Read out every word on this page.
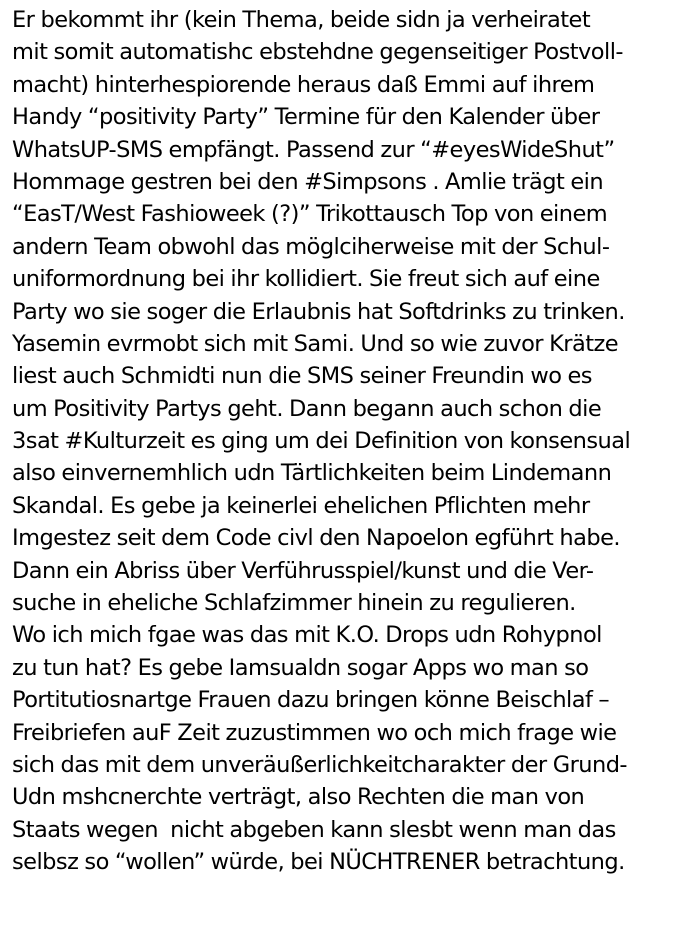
Er bekommt ihr (kein Thema, beide sidn ja verheiratet
mit somit automatishc ebstehdne gegenseitiger Postvoll-
macht) hinterhespiorende heraus daß Emmi auf ihrem
Handy “positivity Party” Termine für den Kalender über
WhatsUP-SMS empfängt. Passend zur “#eyesWideShut”
Hommage gestren bei den #Simpsons . Amlie trägt ein
“EasT/West Fashioweek (?)” Trikottausch Top von einem
andern Team obwohl das möglciherweise mit der Schul-
uniformordnung bei ihr kollidiert. Sie freut sich auf eine
Party wo sie soger die Erlaubnis hat Softdrinks zu trinken.
Yasemin evrmobt sich mit Sami. Und so wie zuvor Krätze
liest auch Schmidti nun die SMS seiner Freundin wo es
um Positivity Partys geht. Dann begann auch schon die
3sat #Kulturzeit es ging um dei Definition von konsensual
also einvernemhlich udn Tärtlichkeiten beim Lindemann
Skandal. Es gebe ja keinerlei ehelichen Pflichten mehr
Imgestez seit dem Code civl den Napoelon egführt habe.
Dann ein Abriss über Verführusspiel/kunst und die Ver-
suche in eheliche Schlafzimmer hinein zu regulieren.
Wo ich mich fgae was das mit K.O. Drops udn Rohypnol
zu tun hat? Es gebe Iamsualdn sogar Apps wo man so
Portitutiosnartge Frauen dazu bringen könne Beischlaf –
Freibriefen auF Zeit zuzustimmen wo och mich frage wie
sich das mit dem unveräußerlichkeitcharakter der Grund-
Udn mshcnerchte verträgt, also Rechten die man von
Staats wegen  nicht abgeben kann slesbt wenn man das
selbsz so “wollen” würde, bei NÜCHTRENER betrachtung.
